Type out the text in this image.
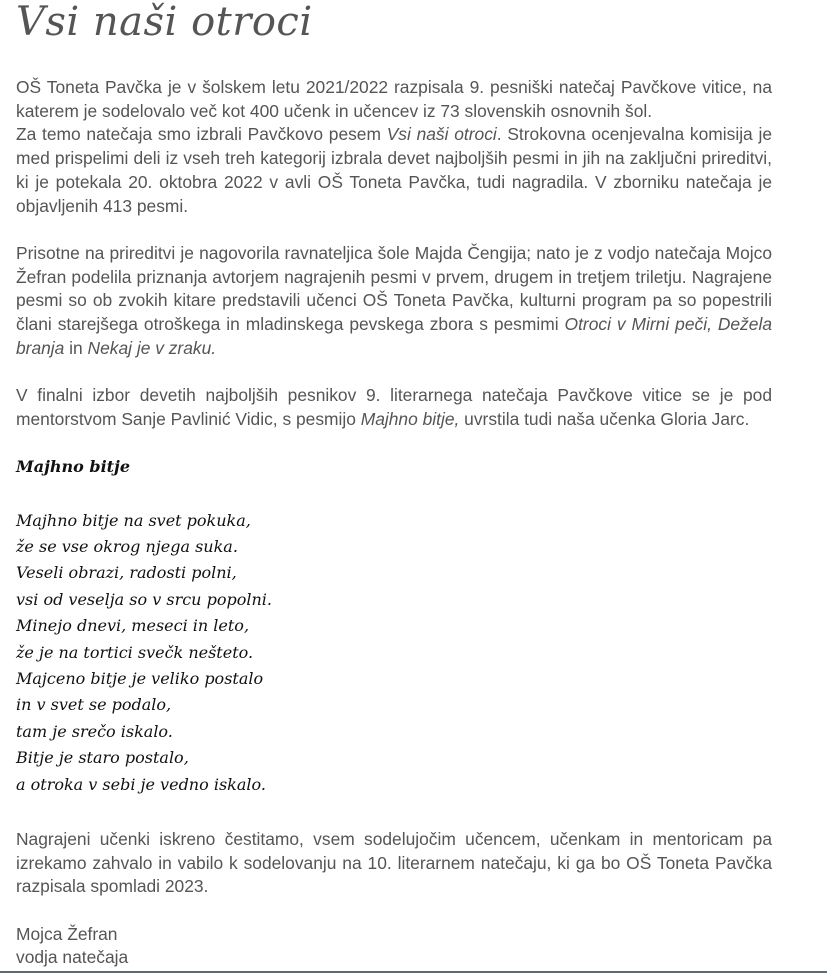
Vsi naši otroci

OŠ Toneta Pavčka je v šolskem letu 2021/2022 razpisala 9. pesniški natečaj Pavčkove vitice, na katerem je sodelovalo več kot 400 učenk in učencev iz 73 slovenskih osnovnih šol.
Za temo natečaja smo izbrali Pavčkovo pesem Vsi naši otroci. Strokovna ocenjevalna komisija je med prispelimi deli iz vseh treh kategorij izbrala devet najboljših pesmi in jih na zaključni prireditvi, ki je potekala 20. oktobra 2022 v avli OŠ Toneta Pavčka, tudi nagradila. V zborniku natečaja je objavljenih 413 pesmi.

Prisotne na prireditvi je nagovorila ravnateljica šole Majda Čengija; nato je z vodjo natečaja Mojco Žefran podelila priznanja avtorjem nagrajenih pesmi v prvem, drugem in tretjem triletju. Nagrajene pesmi so ob zvokih kitare predstavili učenci OŠ Toneta Pavčka, kulturni program pa so popestrili člani starejšega otroškega in mladinskega pevskega zbora s pesmimi Otroci v Mirni peči, Dežela branja in Nekaj je v zraku.

V finalni izbor devetih najboljših pesnikov 9. literarnega natečaja Pavčkove vitice se je pod mentorstvom Sanje Pavlinić Vidic, s pesmijo Majhno bitje, uvrstila tudi naša učenka Gloria Jarc.

Majhno bitje

Majhno bitje na svet pokuka,
že se vse okrog njega suka.
Veseli obrazi, radosti polni,
vsi od veselja so v srcu popolni.
Minejo dnevi, meseci in leto,
že je na tortici svečk nešteto.
Majceno bitje je veliko postalo
in v svet se podalo,
tam je srečo iskalo.
Bitje je staro postalo,
a otroka v sebi je vedno iskalo.

Nagrajeni učenki iskreno čestitamo, vsem sodelujočim učencem, učenkam in mentoricam pa izrekamo zahvalo in vabilo k sodelovanju na 10. literarnem natečaju, ki ga bo OŠ Toneta Pavčka razpisala spomladi 2023.

Mojca Žefran
vodja natečaja
